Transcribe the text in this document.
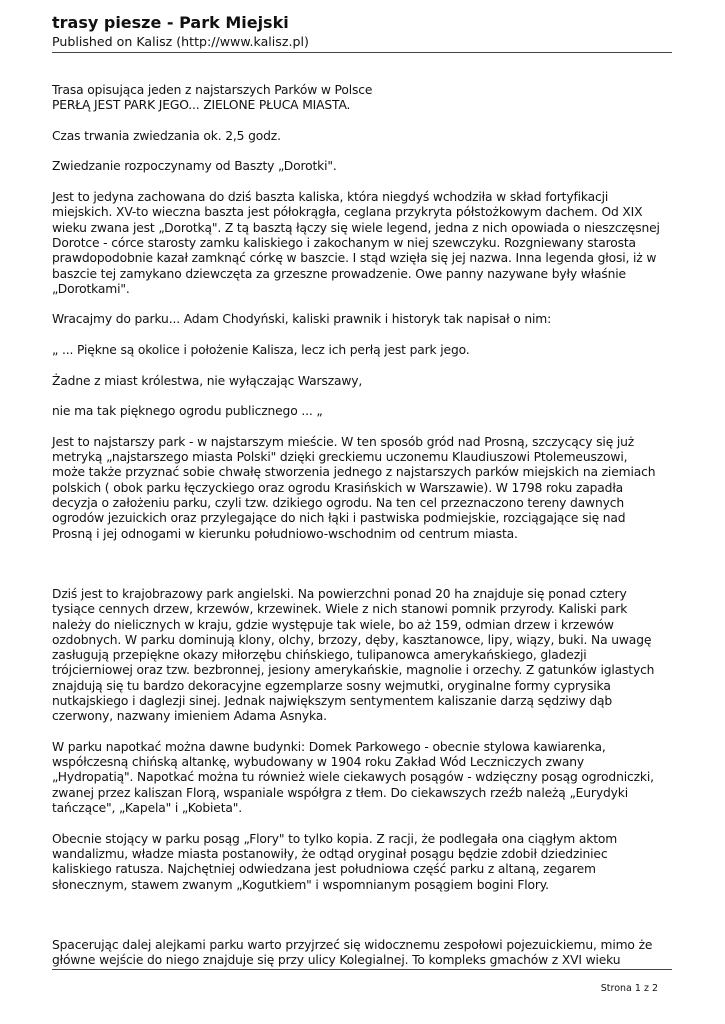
trasy piesze - Park Miejski
Published on Kalisz (http://www.kalisz.pl)

Trasa opisująca jeden z najstarszych Parków w Polsce
PERŁĄ JEST PARK JEGO... ZIELONE PŁUCA MIASTA.

Czas trwania zwiedzania ok. 2,5 godz.

Zwiedzanie rozpoczynamy od Baszty „Dorotki".

Jest to jedyna zachowana do dziś baszta kaliska, która niegdyś wchodziła w skład fortyfikacji
miejskich. XV-to wieczna baszta jest półokrągła, ceglana przykryta półstożkowym dachem. Od XIX
wieku zwana jest „Dorotką". Z tą basztą łączy się wiele legend, jedna z nich opowiada o nieszczęsnej
Dorotce - córce starosty zamku kaliskiego i zakochanym w niej szewczyku. Rozgniewany starosta
prawdopodobnie kazał zamknąć córkę w baszcie. I stąd wzięła się jej nazwa. Inna legenda głosi, iż w
baszcie tej zamykano dziewczęta za grzeszne prowadzenie. Owe panny nazywane były właśnie
„Dorotkami".

Wracajmy do parku... Adam Chodyński, kaliski prawnik i historyk tak napisał o nim:

„ ... Piękne są okolice i położenie Kalisza, lecz ich perłą jest park jego.

Żadne z miast królestwa, nie wyłączając Warszawy,

nie ma tak pięknego ogrodu publicznego ... „

Jest to najstarszy park - w najstarszym mieście. W ten sposób gród nad Prosną, szczycący się już
metryką „najstarszego miasta Polski" dzięki greckiemu uczonemu Klaudiuszowi Ptolemeuszowi,
może także przyznać sobie chwałę stworzenia jednego z najstarszych parków miejskich na ziemiach
polskich ( obok parku łęczyckiego oraz ogrodu Krasińskich w Warszawie). W 1798 roku zapadła
decyzja o założeniu parku, czyli tzw. dzikiego ogrodu. Na ten cel przeznaczono tereny dawnych
ogrodów jezuickich oraz przylegające do nich łąki i pastwiska podmiejskie, rozciągające się nad
Prosną i jej odnogami w kierunku południowo-wschodnim od centrum miasta.

Dziś jest to krajobrazowy park angielski. Na powierzchni ponad 20 ha znajduje się ponad cztery
tysiące cennych drzew, krzewów, krzewinek. Wiele z nich stanowi pomnik przyrody. Kaliski park
należy do nielicznych w kraju, gdzie występuje tak wiele, bo aż 159, odmian drzew i krzewów
ozdobnych. W parku dominują klony, olchy, brzozy, dęby, kasztanowce, lipy, wiązy, buki. Na uwagę
zasługują przepiękne okazy miłorzębu chińskiego, tulipanowca amerykańskiego, gladezji
trójcierniowej oraz tzw. bezbronnej, jesiony amerykańskie, magnolie i orzechy. Z gatunków iglastych
znajdują się tu bardzo dekoracyjne egzemplarze sosny wejmutki, oryginalne formy cyprysika
nutkajskiego i daglezji sinej. Jednak największym sentymentem kaliszanie darzą sędziwy dąb
czerwony, nazwany imieniem Adama Asnyka.

W parku napotkać można dawne budynki: Domek Parkowego - obecnie stylowa kawiarenka,
współczesną chińską altankę, wybudowany w 1904 roku Zakład Wód Leczniczych zwany
„Hydropatią". Napotkać można tu również wiele ciekawych posągów - wdzięczny posąg ogrodniczki,
zwanej przez kaliszan Florą, wspaniale współgra z tłem. Do ciekawszych rzeźb należą „Eurydyki
tańczące", „Kapela" i „Kobieta".

Obecnie stojący w parku posąg „Flory" to tylko kopia. Z racji, że podlegała ona ciągłym aktom
wandalizmu, władze miasta postanowiły, że odtąd oryginał posągu będzie zdobił dziedziniec
kaliskiego ratusza. Najchętniej odwiedzana jest południowa część parku z altaną, zegarem
słonecznym, stawem zwanym „Kogutkiem" i wspomnianym posągiem bogini Flory.

Spacerując dalej alejkami parku warto przyjrzeć się widocznemu zespołowi pojezuickiemu, mimo że
główne wejście do niego znajduje się przy ulicy Kolegialnej. To kompleks gmachów z XVI wieku

Strona 1 z 2
